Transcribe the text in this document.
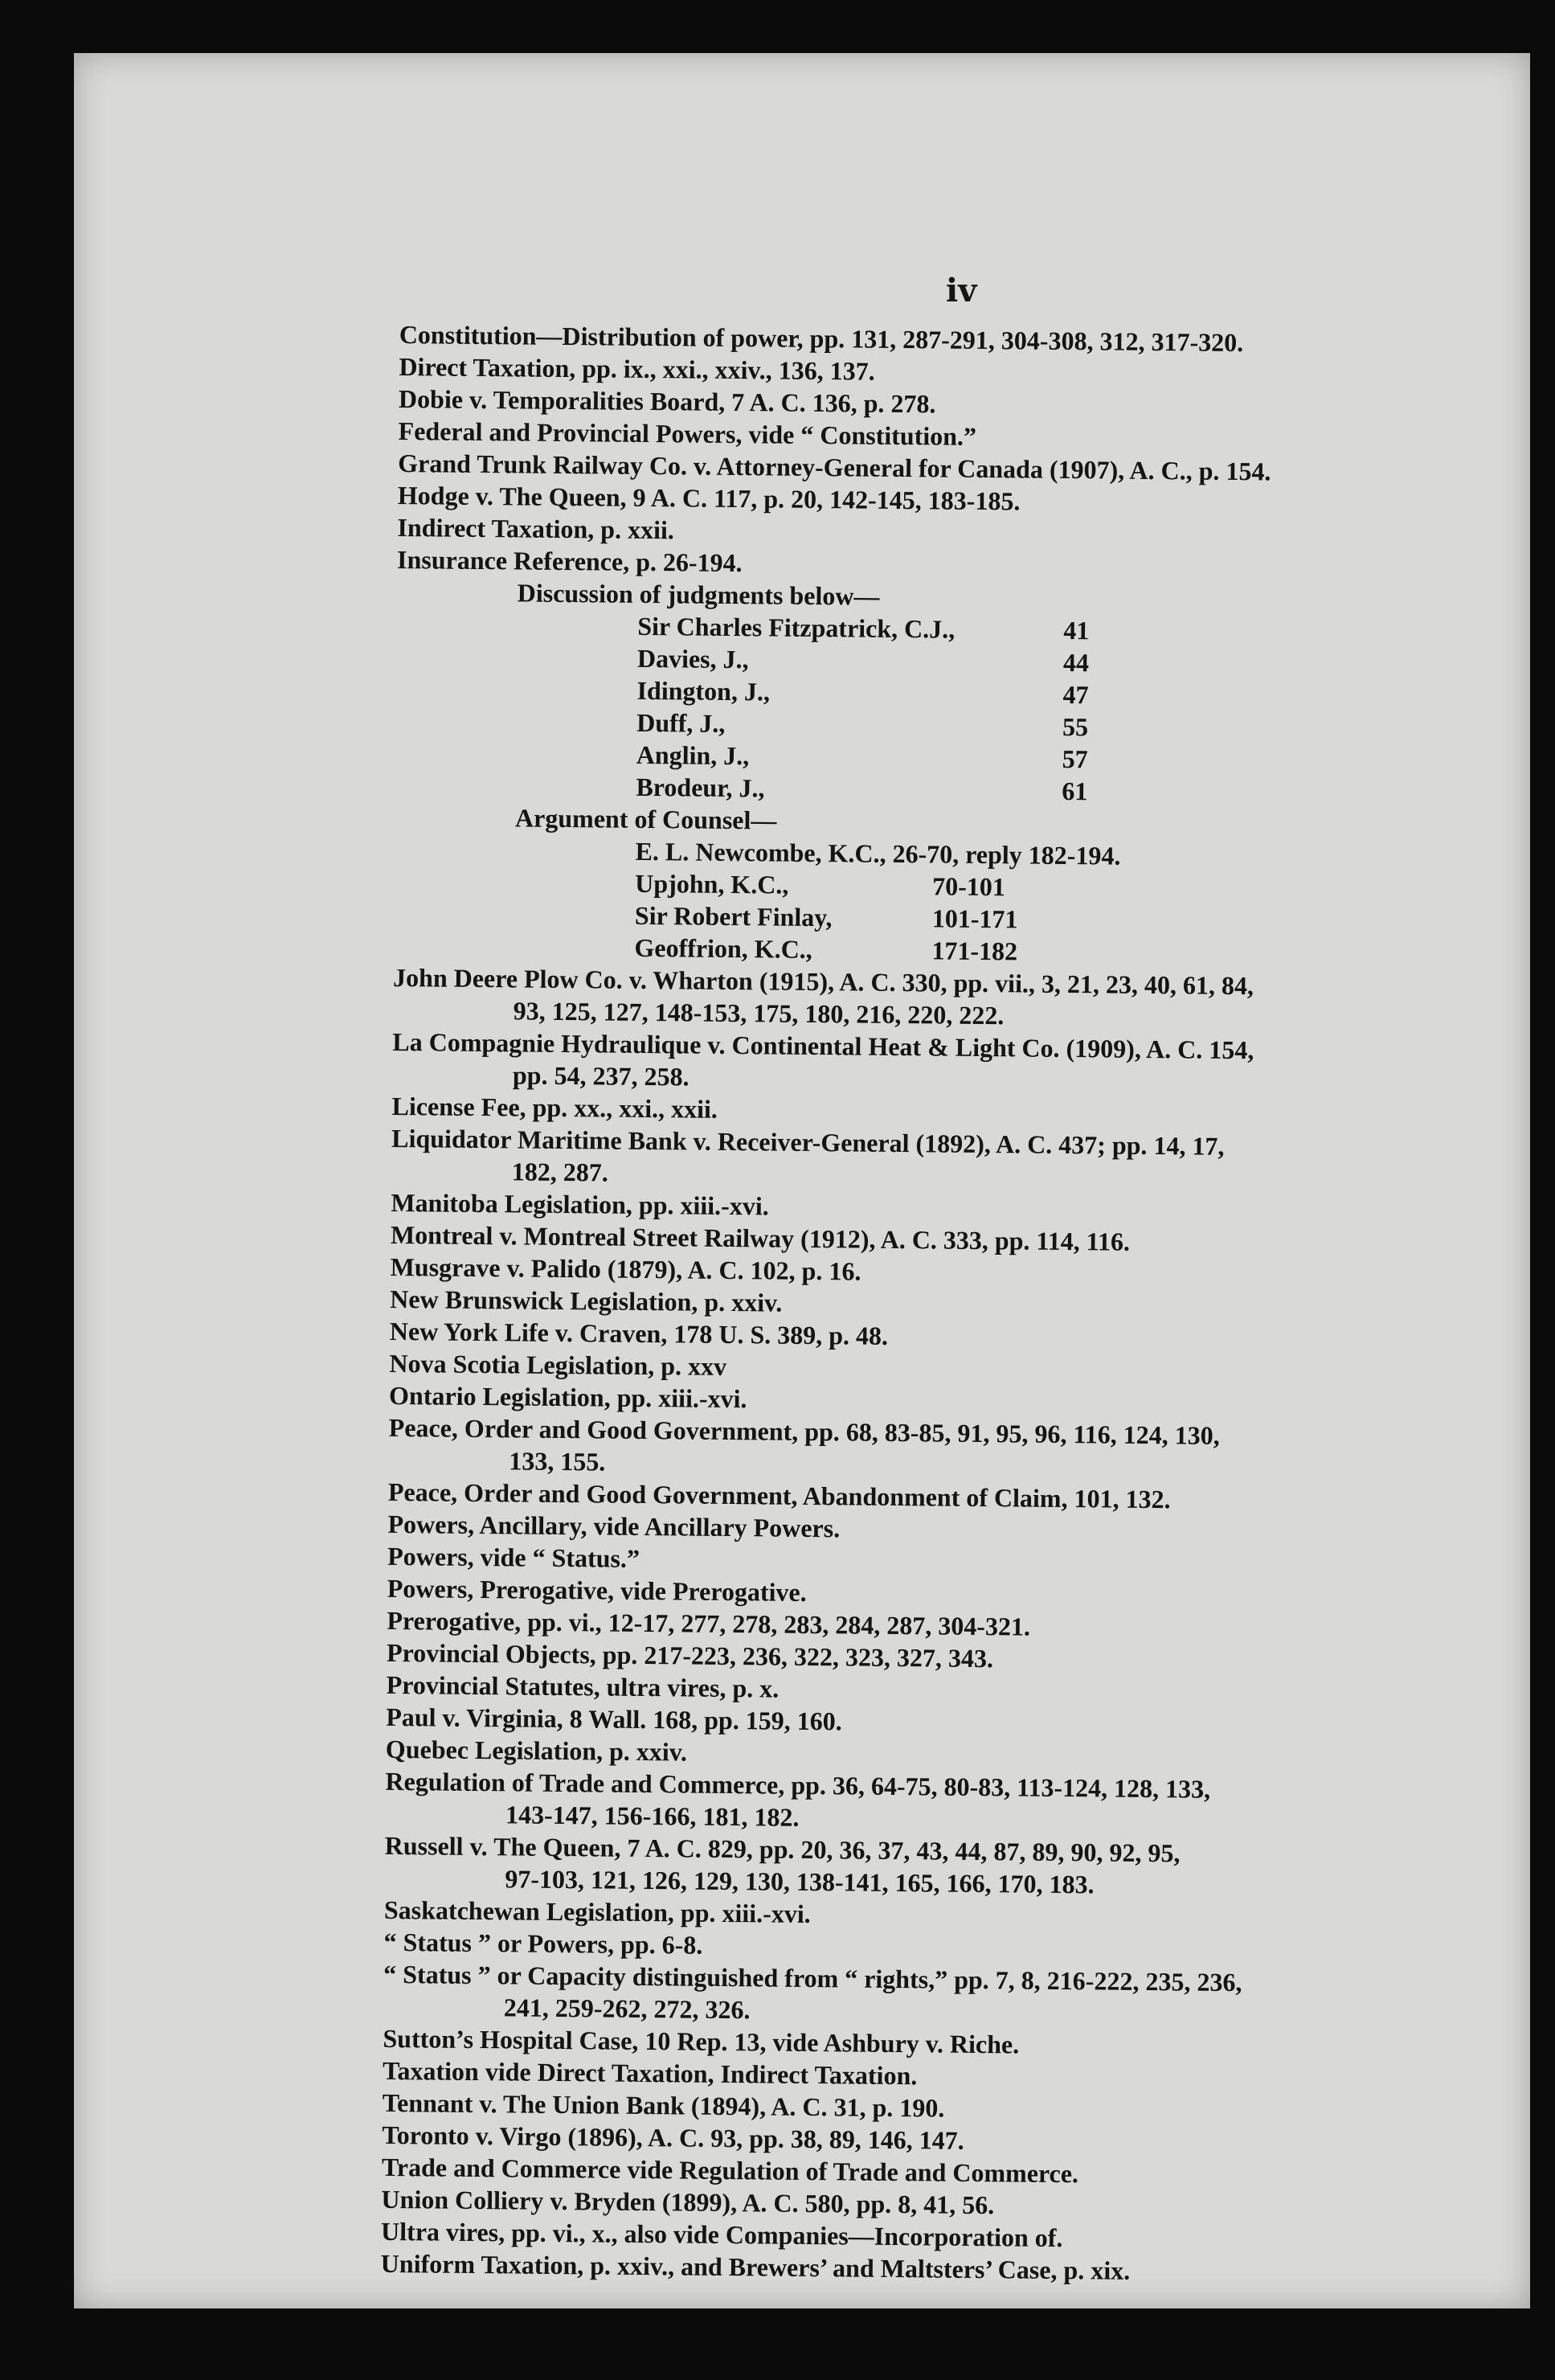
iv
Constitution—Distribution of power, pp. 131, 287-291, 304-308, 312, 317-320.
Direct Taxation, pp. ix., xxi., xxiv., 136, 137.
Dobie v. Temporalities Board, 7 A. C. 136, p. 278.
Federal and Provincial Powers, vide “ Constitution.”
Grand Trunk Railway Co. v. Attorney-General for Canada (1907), A. C., p. 154.
Hodge v. The Queen, 9 A. C. 117, p. 20, 142-145, 183-185.
Indirect Taxation, p. xxii.
Insurance Reference, p. 26-194.
Discussion of judgments below—
Sir Charles Fitzpatrick, C.J.,	41
Davies, J.,	44
Idington, J.,	47
Duff, J.,	55
Anglin, J.,	57
Brodeur, J.,	61
Argument of Counsel—
E. L. Newcombe, K.C., 26-70, reply 182-194.
Upjohn, K.C.,	70-101
Sir Robert Finlay,	101-171
Geoffrion, K.C.,	171-182
John Deere Plow Co. v. Wharton (1915), A. C. 330, pp. vii., 3, 21, 23, 40, 61, 84,
93, 125, 127, 148-153, 175, 180, 216, 220, 222.
La Compagnie Hydraulique v. Continental Heat & Light Co. (1909), A. C. 154,
pp. 54, 237, 258.
License Fee, pp. xx., xxi., xxii.
Liquidator Maritime Bank v. Receiver-General (1892), A. C. 437; pp. 14, 17,
182, 287.
Manitoba Legislation, pp. xiii.-xvi.
Montreal v. Montreal Street Railway (1912), A. C. 333, pp. 114, 116.
Musgrave v. Palido (1879), A. C. 102, p. 16.
New Brunswick Legislation, p. xxiv.
New York Life v. Craven, 178 U. S. 389, p. 48.
Nova Scotia Legislation, p. xxv
Ontario Legislation, pp. xiii.-xvi.
Peace, Order and Good Government, pp. 68, 83-85, 91, 95, 96, 116, 124, 130,
133, 155.
Peace, Order and Good Government, Abandonment of Claim, 101, 132.
Powers, Ancillary, vide Ancillary Powers.
Powers, vide “ Status.”
Powers, Prerogative, vide Prerogative.
Prerogative, pp. vi., 12-17, 277, 278, 283, 284, 287, 304-321.
Provincial Objects, pp. 217-223, 236, 322, 323, 327, 343.
Provincial Statutes, ultra vires, p. x.
Paul v. Virginia, 8 Wall. 168, pp. 159, 160.
Quebec Legislation, p. xxiv.
Regulation of Trade and Commerce, pp. 36, 64-75, 80-83, 113-124, 128, 133,
143-147, 156-166, 181, 182.
Russell v. The Queen, 7 A. C. 829, pp. 20, 36, 37, 43, 44, 87, 89, 90, 92, 95,
97-103, 121, 126, 129, 130, 138-141, 165, 166, 170, 183.
Saskatchewan Legislation, pp. xiii.-xvi.
“ Status ” or Powers, pp. 6-8.
“ Status ” or Capacity distinguished from “ rights,” pp. 7, 8, 216-222, 235, 236,
241, 259-262, 272, 326.
Sutton’s Hospital Case, 10 Rep. 13, vide Ashbury v. Riche.
Taxation vide Direct Taxation, Indirect Taxation.
Tennant v. The Union Bank (1894), A. C. 31, p. 190.
Toronto v. Virgo (1896), A. C. 93, pp. 38, 89, 146, 147.
Trade and Commerce vide Regulation of Trade and Commerce.
Union Colliery v. Bryden (1899), A. C. 580, pp. 8, 41, 56.
Ultra vires, pp. vi., x., also vide Companies—Incorporation of.
Uniform Taxation, p. xxiv., and Brewers’ and Maltsters’ Case, p. xix.
